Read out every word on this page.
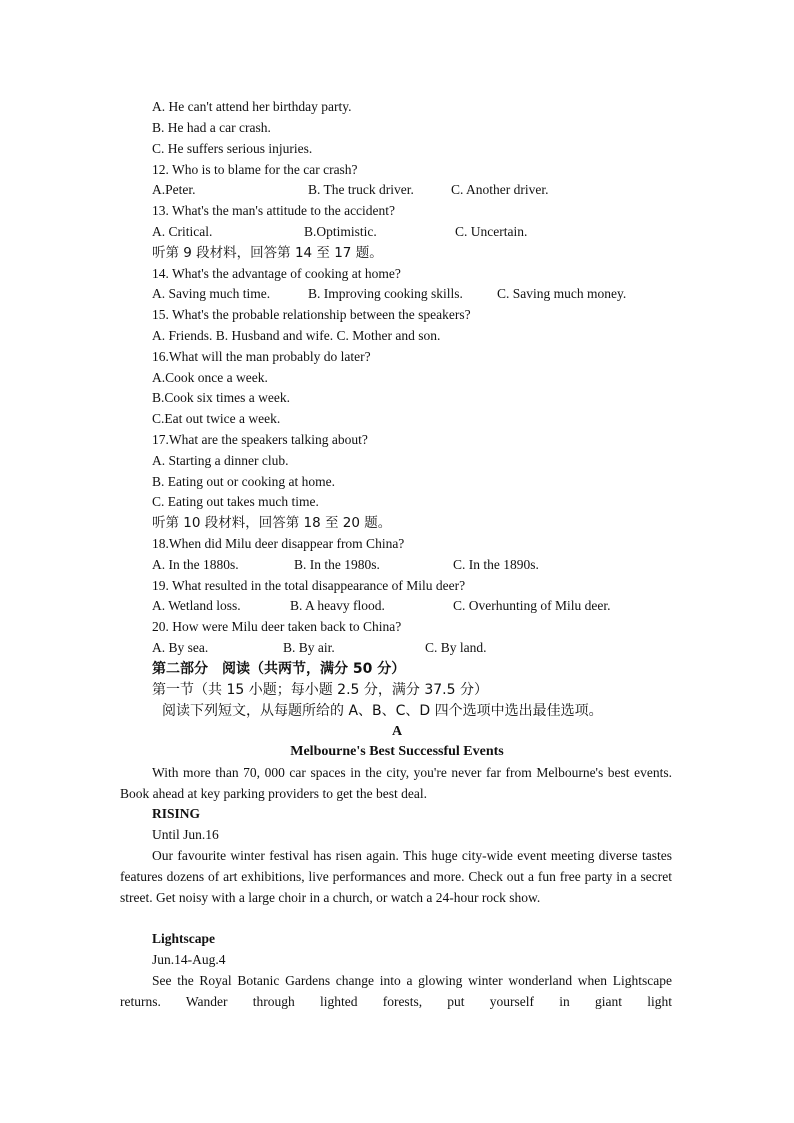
A. He can't attend her birthday party.
B. He had a car crash.
C. He suffers serious injuries.
12. Who is to blame for the car crash?
A.Peter.	B. The truck driver.	C. Another driver.
13. What's the man's attitude to the accident?
A. Critical.	B.Optimistic.	C. Uncertain.
听第 9 段材料，回答第 14 至 17 题。
14. What's the advantage of cooking at home?
A. Saving much time.	B. Improving cooking skills.	C. Saving much money.
15. What's the probable relationship between the speakers?
A. Friends. B. Husband and wife. C. Mother and son.
16.What will the man probably do later?
A.Cook once a week.
B.Cook six times a week.
C.Eat out twice a week.
17.What are the speakers talking about?
A. Starting a dinner club.
B. Eating out or cooking at home.
C. Eating out takes much time.
听第 10 段材料，回答第 18 至 20 题。
18.When did Milu deer disappear from China?
A. In the 1880s.	B. In the 1980s.	C. In the 1890s.
19. What resulted in the total disappearance of Milu deer?
A. Wetland loss.	B. A heavy flood.	C. Overhunting of Milu deer.
20. How were Milu deer taken back to China?
A. By sea.	B. By air.	C. By land.
第二部分　阅读（共两节，满分 50 分）
第一节（共 15 小题；每小题 2.5 分，满分 37.5 分）
阅读下列短文，从每题所给的 A、B、C、D 四个选项中选出最佳选项。
A
Melbourne's Best Successful Events
With more than 70, 000 car spaces in the city, you're never far from Melbourne's best events. Book ahead at key parking providers to get the best deal.
RISING
Until Jun.16
Our favourite winter festival has risen again. This huge city-wide event meeting diverse tastes features dozens of art exhibitions, live performances and more. Check out a fun free party in a secret street. Get noisy with a large choir in a church, or watch a 24-hour rock show.
Lightscape
Jun.14-Aug.4
See the Royal Botanic Gardens change into a glowing winter wonderland when Lightscape returns. Wander through lighted forests, put yourself in giant light
